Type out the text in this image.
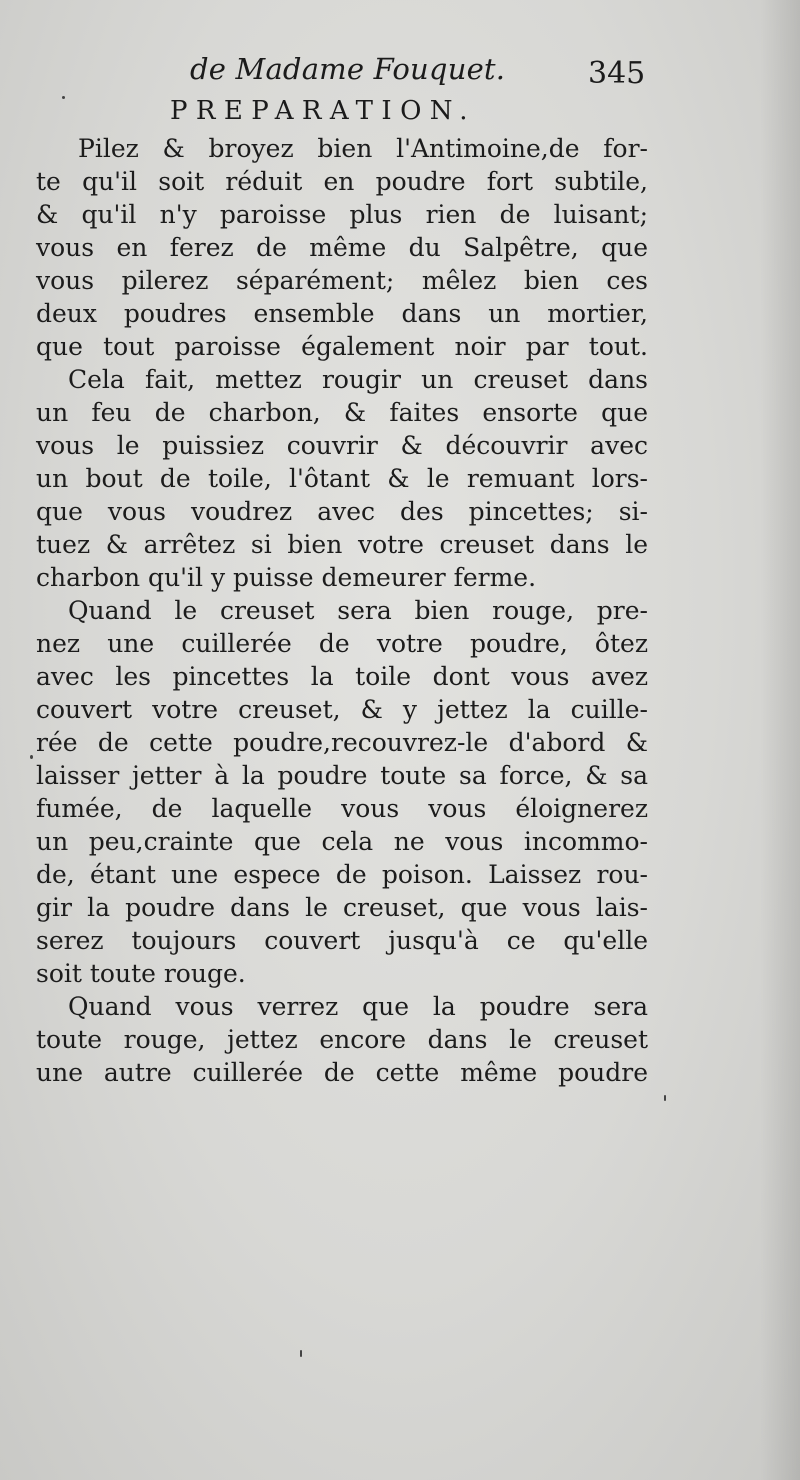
de Madame Fouquet.	345
PREPARATION.
Pilez & broyez bien l'Antimoine,de for-
te qu'il soit réduit en poudre fort subtile,
& qu'il n'y paroisse plus rien de luisant;
vous en ferez de même du Salpêtre, que
vous pilerez séparément; mêlez bien ces
deux poudres ensemble dans un mortier,
que tout paroisse également noir par tout.
Cela fait, mettez rougir un creuset dans
un feu de charbon, & faites ensorte que
vous le puissiez couvrir & découvrir avec
un bout de toile, l'ôtant & le remuant lors-
que vous voudrez avec des pincettes; si-
tuez & arrêtez si bien votre creuset dans le
charbon qu'il y puisse demeurer ferme.
Quand le creuset sera bien rouge, pre-
nez une cuillerée de votre poudre, ôtez
avec les pincettes la toile dont vous avez
couvert votre creuset, & y jettez la cuille-
rée de cette poudre,recouvrez-le d'abord &
laisser jetter à la poudre toute sa force, & sa
fumée, de laquelle vous vous éloignerez
un peu,crainte que cela ne vous incommo-
de, étant une espece de poison. Laissez rou-
gir la poudre dans le creuset, que vous lais-
serez toujours couvert jusqu'à ce qu'elle
soit toute rouge.
Quand vous verrez que la poudre sera
toute rouge, jettez encore dans le creuset
une autre cuillerée de cette même poudre
